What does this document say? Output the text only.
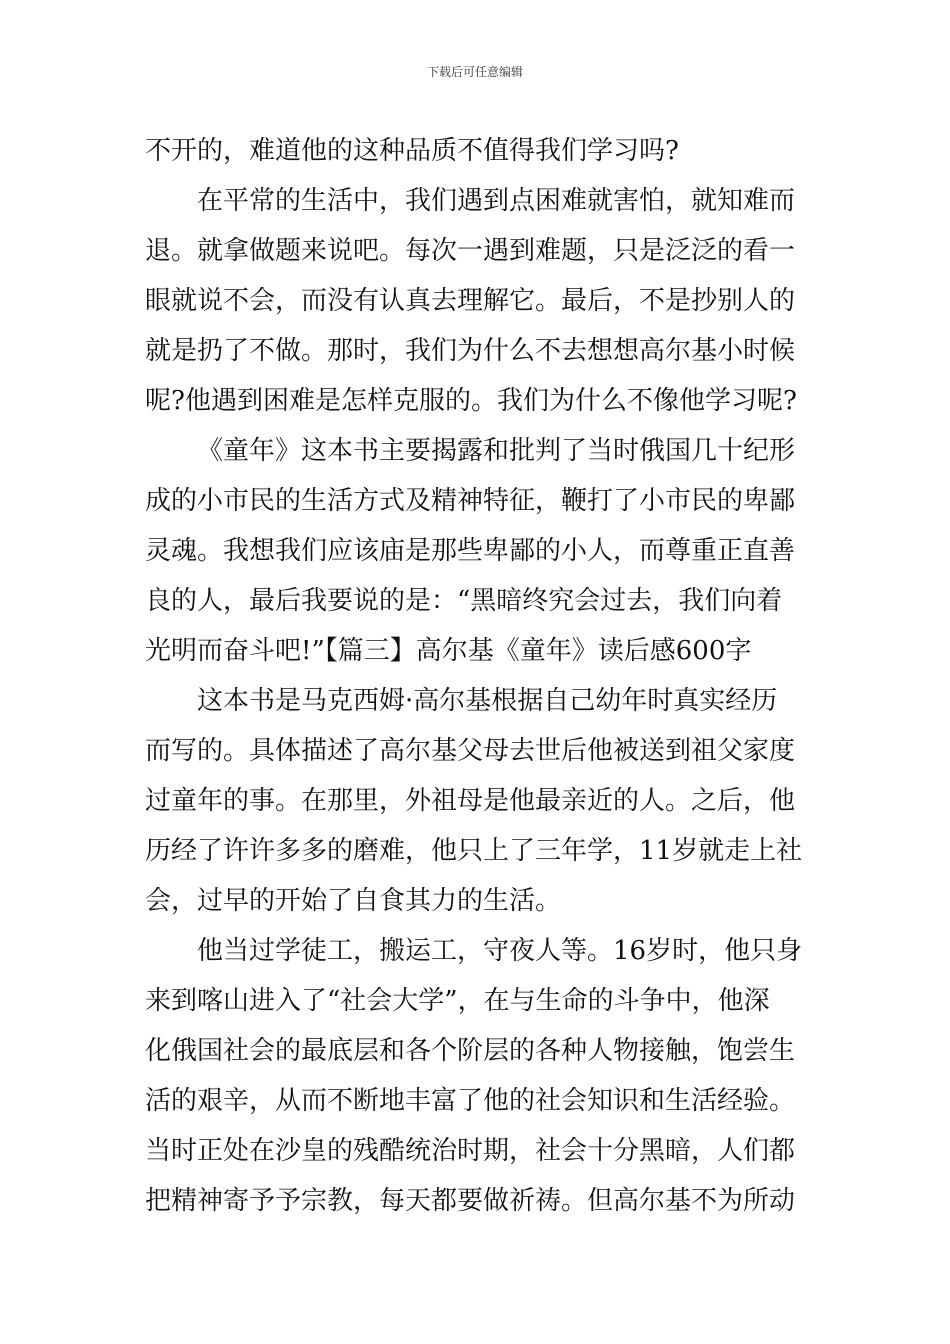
下载后可任意编辑
不开的，难道他的这种品质不值得我们学习吗?
在平常的生活中，我们遇到点困难就害怕，就知难而
退。就拿做题来说吧。每次一遇到难题，只是泛泛的看一
眼就说不会，而没有认真去理解它。最后，不是抄别人的
就是扔了不做。那时，我们为什么不去想想高尔基小时候
呢?他遇到困难是怎样克服的。我们为什么不像他学习呢?
《童年》这本书主要揭露和批判了当时俄国几十纪形
成的小市民的生活方式及精神特征，鞭打了小市民的卑鄙
灵魂。我想我们应该庙是那些卑鄙的小人，而尊重正直善
良的人，最后我要说的是：“黑暗终究会过去，我们向着
光明而奋斗吧!”【篇三】高尔基《童年》读后感600字
这本书是马克西姆·高尔基根据自己幼年时真实经历
而写的。具体描述了高尔基父母去世后他被送到祖父家度
过童年的事。在那里，外祖母是他最亲近的人。之后，他
历经了许许多多的磨难，他只上了三年学，11岁就走上社
会，过早的开始了自食其力的生活。
他当过学徒工，搬运工，守夜人等。16岁时，他只身
来到喀山进入了“社会大学”，在与生命的斗争中，他深
化俄国社会的最底层和各个阶层的各种人物接触，饱尝生
活的艰辛，从而不断地丰富了他的社会知识和生活经验。
当时正处在沙皇的残酷统治时期，社会十分黑暗，人们都
把精神寄予予宗教，每天都要做祈祷。但高尔基不为所动
